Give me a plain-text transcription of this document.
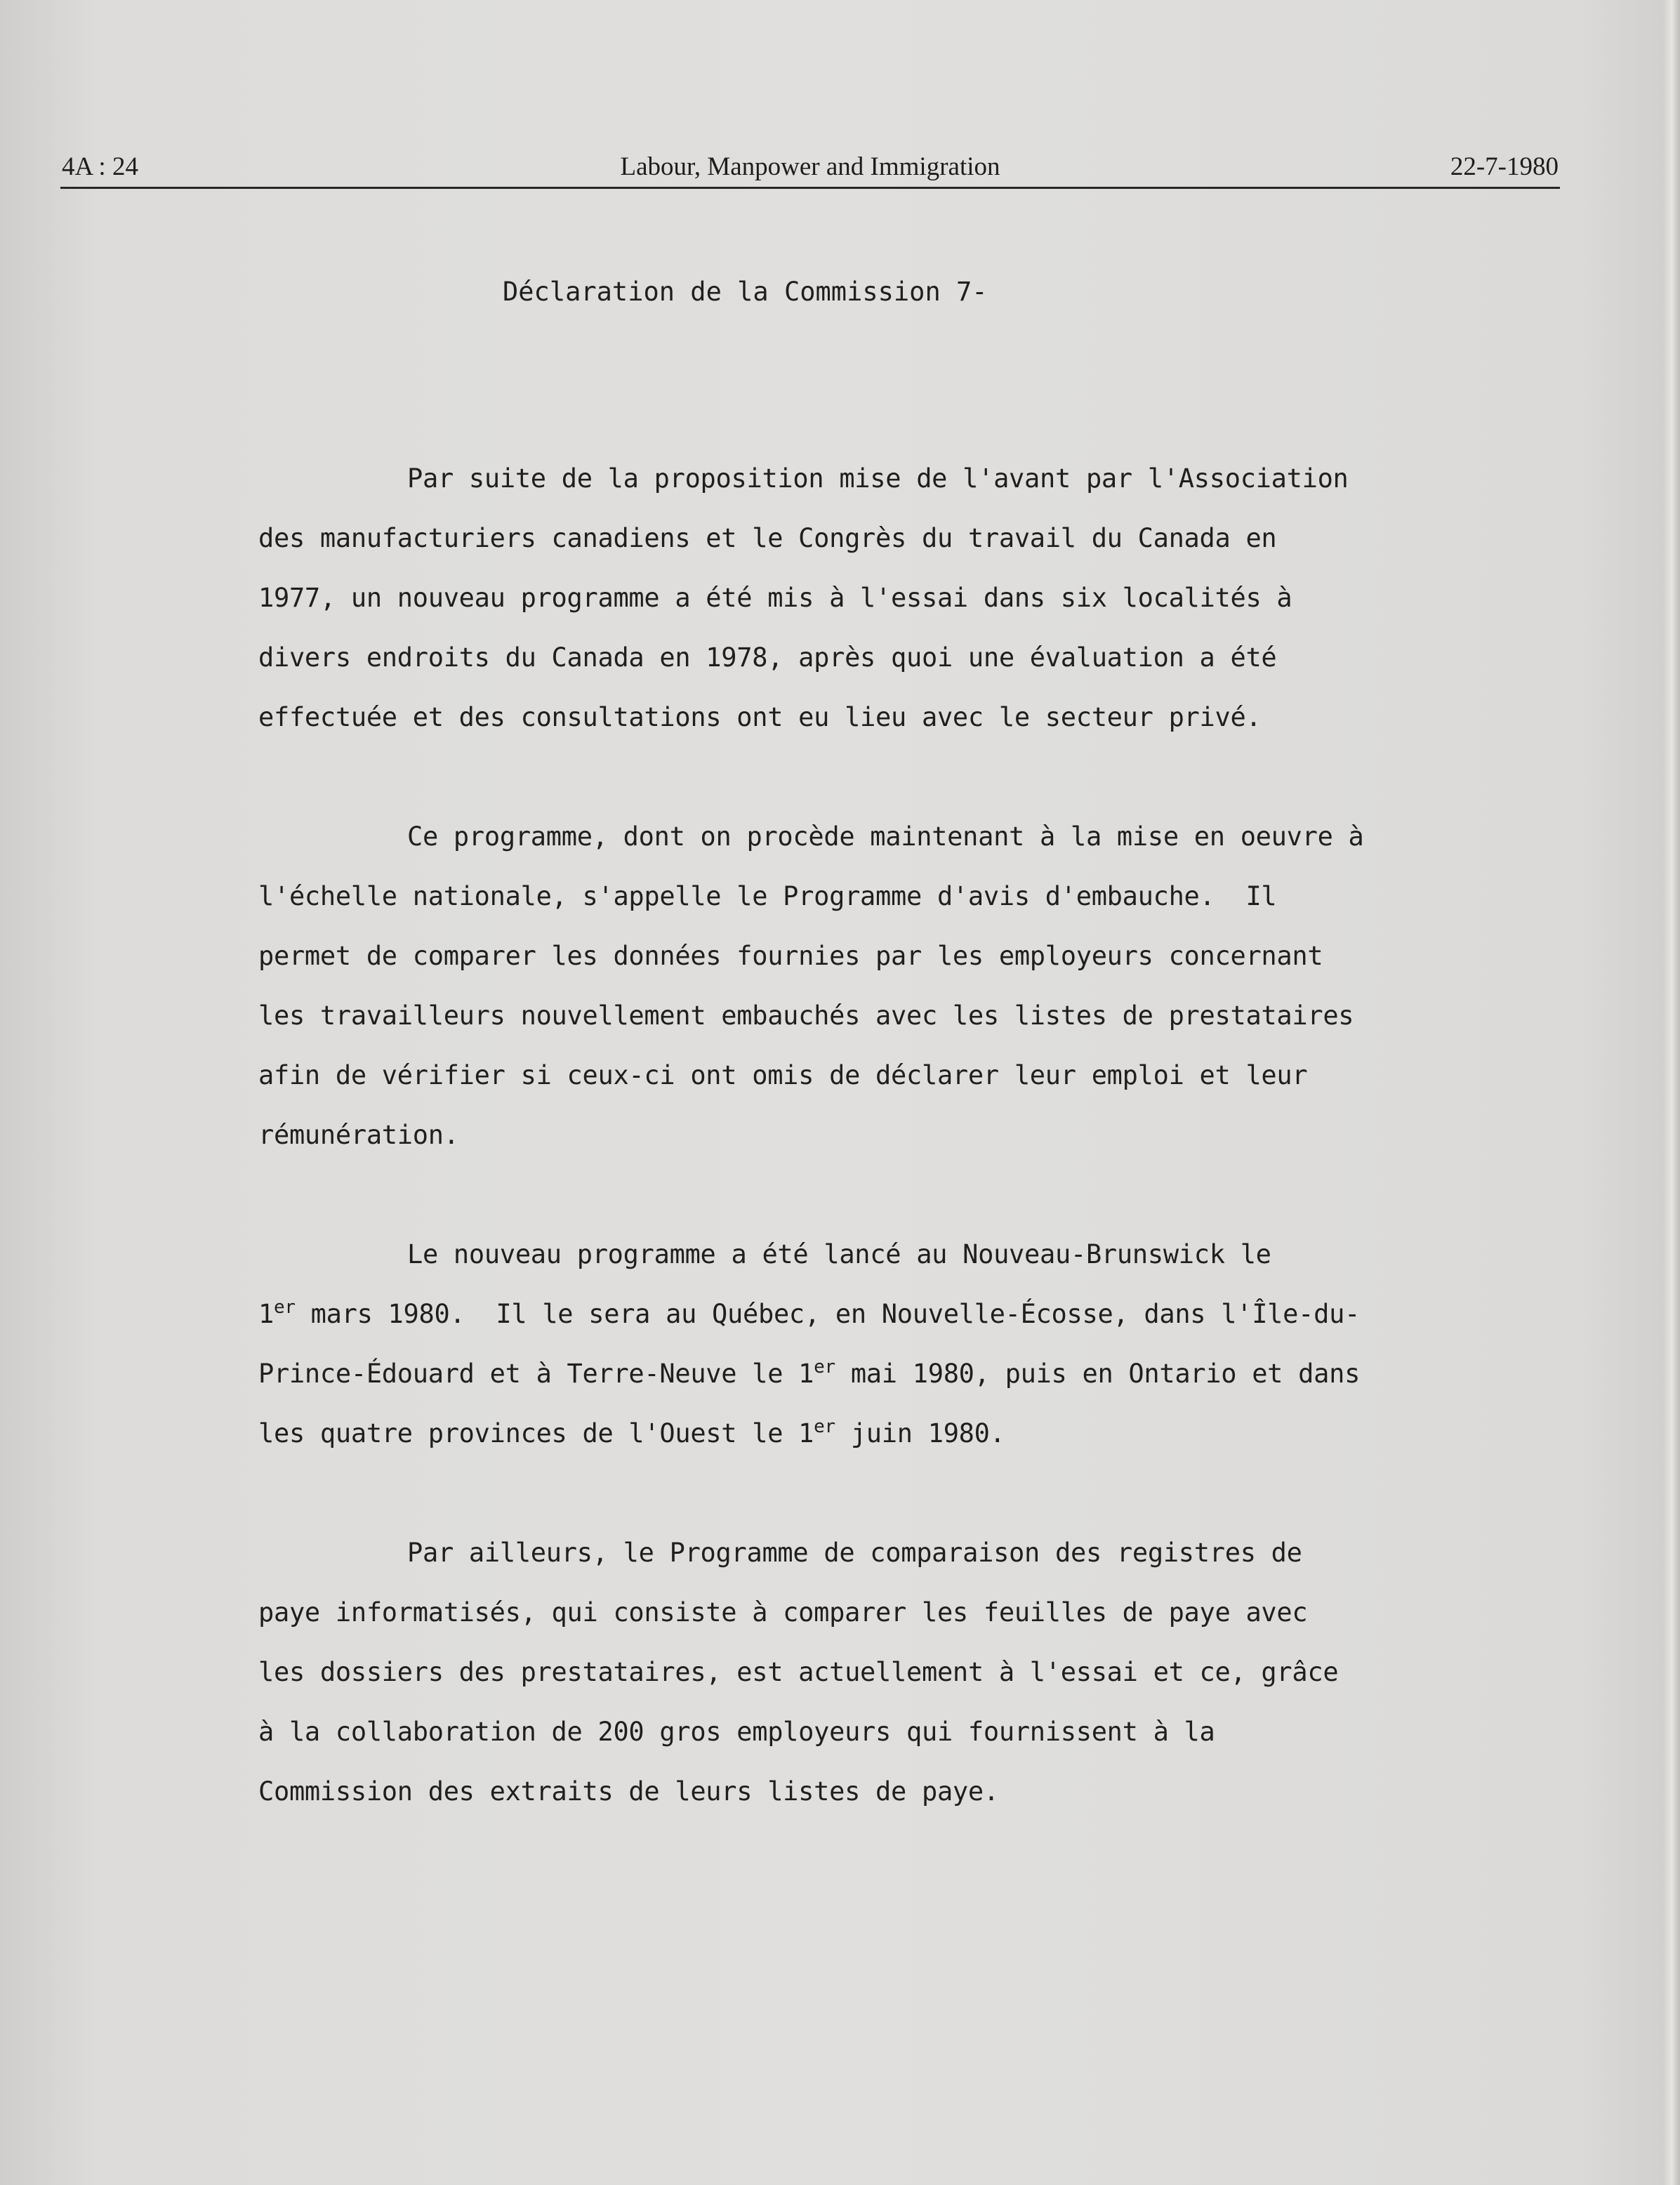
4A : 24	Labour, Manpower and Immigration	22-7-1980

Déclaration de la Commission 7-

Par suite de la proposition mise de l'avant par l'Association

des manufacturiers canadiens et le Congrès du travail du Canada en

1977, un nouveau programme a été mis à l'essai dans six localités à

divers endroits du Canada en 1978, après quoi une évaluation a été

effectuée et des consultations ont eu lieu avec le secteur privé.

Ce programme, dont on procède maintenant à la mise en oeuvre à

l'échelle nationale, s'appelle le Programme d'avis d'embauche.  Il

permet de comparer les données fournies par les employeurs concernant

les travailleurs nouvellement embauchés avec les listes de prestataires

afin de vérifier si ceux-ci ont omis de déclarer leur emploi et leur

rémunération.

Le nouveau programme a été lancé au Nouveau-Brunswick le

1er mars 1980.  Il le sera au Québec, en Nouvelle-Écosse, dans l'Île-du-

Prince-Édouard et à Terre-Neuve le 1er mai 1980, puis en Ontario et dans

les quatre provinces de l'Ouest le 1er juin 1980.

Par ailleurs, le Programme de comparaison des registres de

paye informatisés, qui consiste à comparer les feuilles de paye avec

les dossiers des prestataires, est actuellement à l'essai et ce, grâce

à la collaboration de 200 gros employeurs qui fournissent à la

Commission des extraits de leurs listes de paye.
